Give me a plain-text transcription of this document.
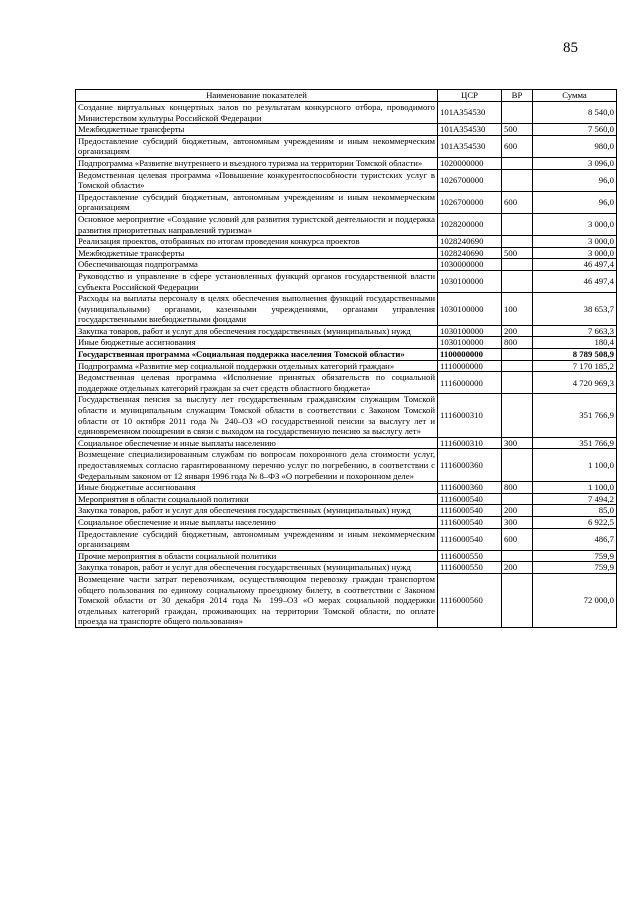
85
Наименование показателей	ЦСР	ВР	Сумма
Создание виртуальных концертных залов по результатам конкурсного отбора, проводимого Министерством культуры Российской Федерации	101A354530		8 540,0
Межбюджетные трансферты	101A354530	500	7 560,0
Предоставление субсидий бюджетным, автономным учреждениям и иным некоммерческим организациям	101A354530	600	980,0
Подпрограмма «Развитие внутреннего и въездного туризма на территории Томской области»	1020000000		3 096,0
Ведомственная целевая программа «Повышение конкурентоспособности туристских услуг в Томской области»	1026700000		96,0
Предоставление субсидий бюджетным, автономным учреждениям и иным некоммерческим организациям	1026700000	600	96,0
Основное мероприятие «Создание условий для развития туристской деятельности и поддержка развития приоритетных направлений туризма»	1028200000		3 000,0
Реализация проектов, отобранных по итогам проведения конкурса проектов	1028240690		3 000,0
Межбюджетные трансферты	1028240690	500	3 000,0
Обеспечивающая подпрограмма	1030000000		46 497,4
Руководство и управление в сфере установленных функций органов государственной власти субъекта Российской Федерации	1030100000		46 497,4
Расходы на выплаты персоналу в целях обеспечения выполнения функций государственными (муниципальными) органами, казенными учреждениями, органами управления государственными внебюджетными фондами	1030100000	100	38 653,7
Закупка товаров, работ и услуг для обеспечения государственных (муниципальных) нужд	1030100000	200	7 663,3
Иные бюджетные ассигнования	1030100000	800	180,4
Государственная программа «Социальная поддержка населения Томской области»	1100000000		8 789 508,9
Подпрограмма «Развитие мер социальной поддержки отдельных категорий граждан»	1110000000		7 170 185,2
Ведомственная целевая программа «Исполнение принятых обязательств по социальной поддержке отдельных категорий граждан за счет средств областного бюджета»	1116000000		4 720 969,3
Государственная пенсия за выслугу лет государственным гражданским служащим Томской области и муниципальным служащим Томской области в соответствии с Законом Томской области от 10 октября 2011 года № 240–ОЗ «О государственной пенсии за выслугу лет и единовременном поощрении в связи с выходом на государственную пенсию за выслугу лет»	1116000310		351 766,9
Социальное обеспечение и иные выплаты населению	1116000310	300	351 766,9
Возмещение специализированным службам по вопросам похоронного дела стоимости услуг, предоставляемых согласно гарантированному перечню услуг по погребению, в соответствии с Федеральным законом от 12 января 1996 года № 8–ФЗ «О погребении и похоронном деле»	1116000360		1 100,0
Иные бюджетные ассигнования	1116000360	800	1 100,0
Мероприятия в области социальной политики	1116000540		7 494,2
Закупка товаров, работ и услуг для обеспечения государственных (муниципальных) нужд	1116000540	200	85,0
Социальное обеспечение и иные выплаты населению	1116000540	300	6 922,5
Предоставление субсидий бюджетным, автономным учреждениям и иным некоммерческим организациям	1116000540	600	486,7
Прочие мероприятия в области социальной политики	1116000550		759,9
Закупка товаров, работ и услуг для обеспечения государственных (муниципальных) нужд	1116000550	200	759,9
Возмещение части затрат перевозчикам, осуществляющим перевозку граждан транспортом общего пользования по единому социальному проездному билету, в соответствии с Законом Томской области от 30 декабря 2014 года № 199–ОЗ «О мерах социальной поддержки отдельных категорий граждан, проживающих на территории Томской области, по оплате проезда на транспорте общего пользования»	1116000560		72 000,0
